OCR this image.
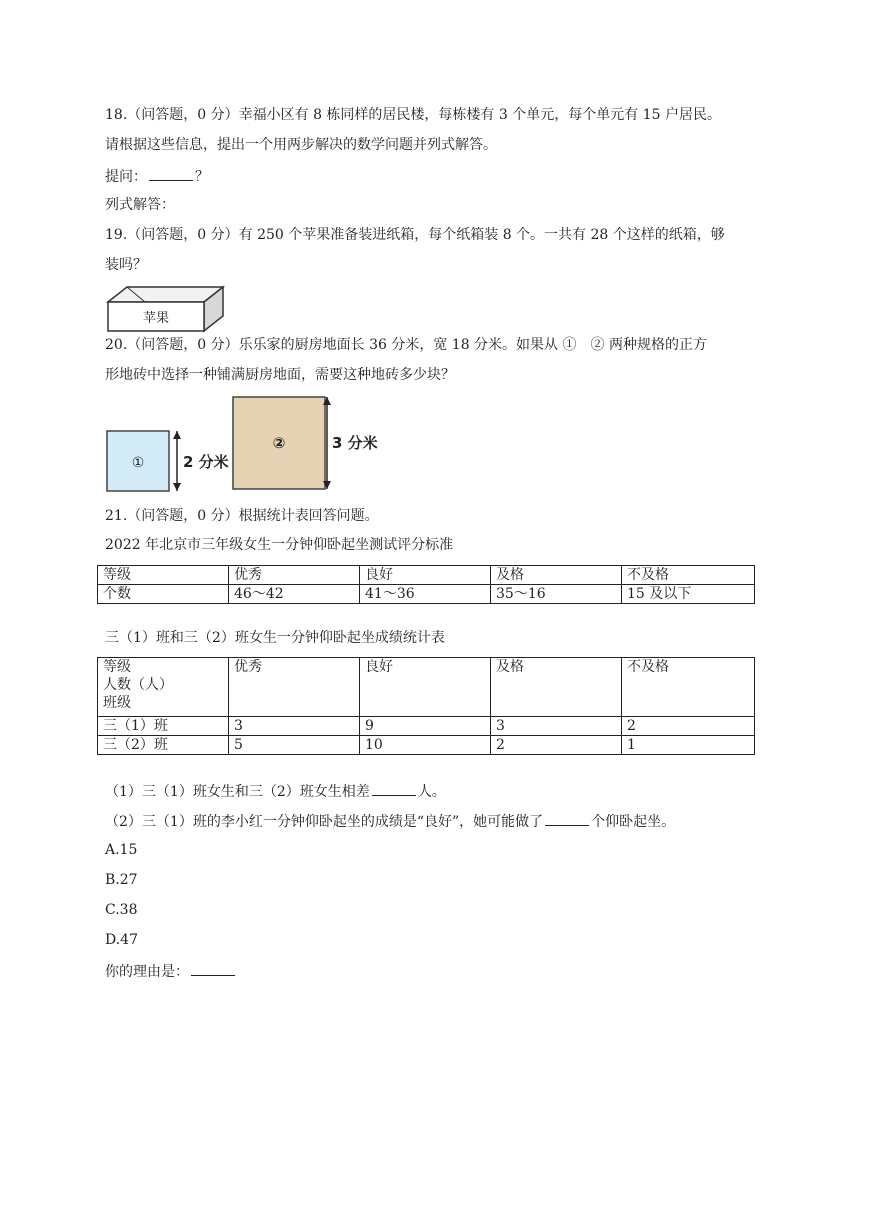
18.（问答题，0 分）幸福小区有 8 栋同样的居民楼，每栋楼有 3 个单元，每个单元有 15 户居民。
请根据这些信息，提出一个用两步解决的数学问题并列式解答。
提问：	？
列式解答：
19.（问答题，0 分）有 250 个苹果准备装进纸箱，每个纸箱装 8 个。一共有 28 个这样的纸箱，够
装吗？
苹果
20.（问答题，0 分）乐乐家的厨房地面长 36 分米，宽 18 分米。如果从 ①　② 两种规格的正方
形地砖中选择一种铺满厨房地面，需要这种地砖多少块？
①	2 分米
②	3 分米
21.（问答题，0 分）根据统计表回答问题。
2022 年北京市三年级女生一分钟仰卧起坐测试评分标准
等级	优秀	良好	及格	不及格
个数	46～42	41～36	35～16	15 及以下
三（1）班和三（2）班女生一分钟仰卧起坐成绩统计表
等级
人数（人）
班级	优秀	良好	及格	不及格
三（1）班	3	9	3	2
三（2）班	5	10	2	1
（1）三（1）班女生和三（2）班女生相差	人。
（2）三（1）班的李小红一分钟仰卧起坐的成绩是“良好”，她可能做了	个仰卧起坐。
A.15
B.27
C.38
D.47
你的理由是：
